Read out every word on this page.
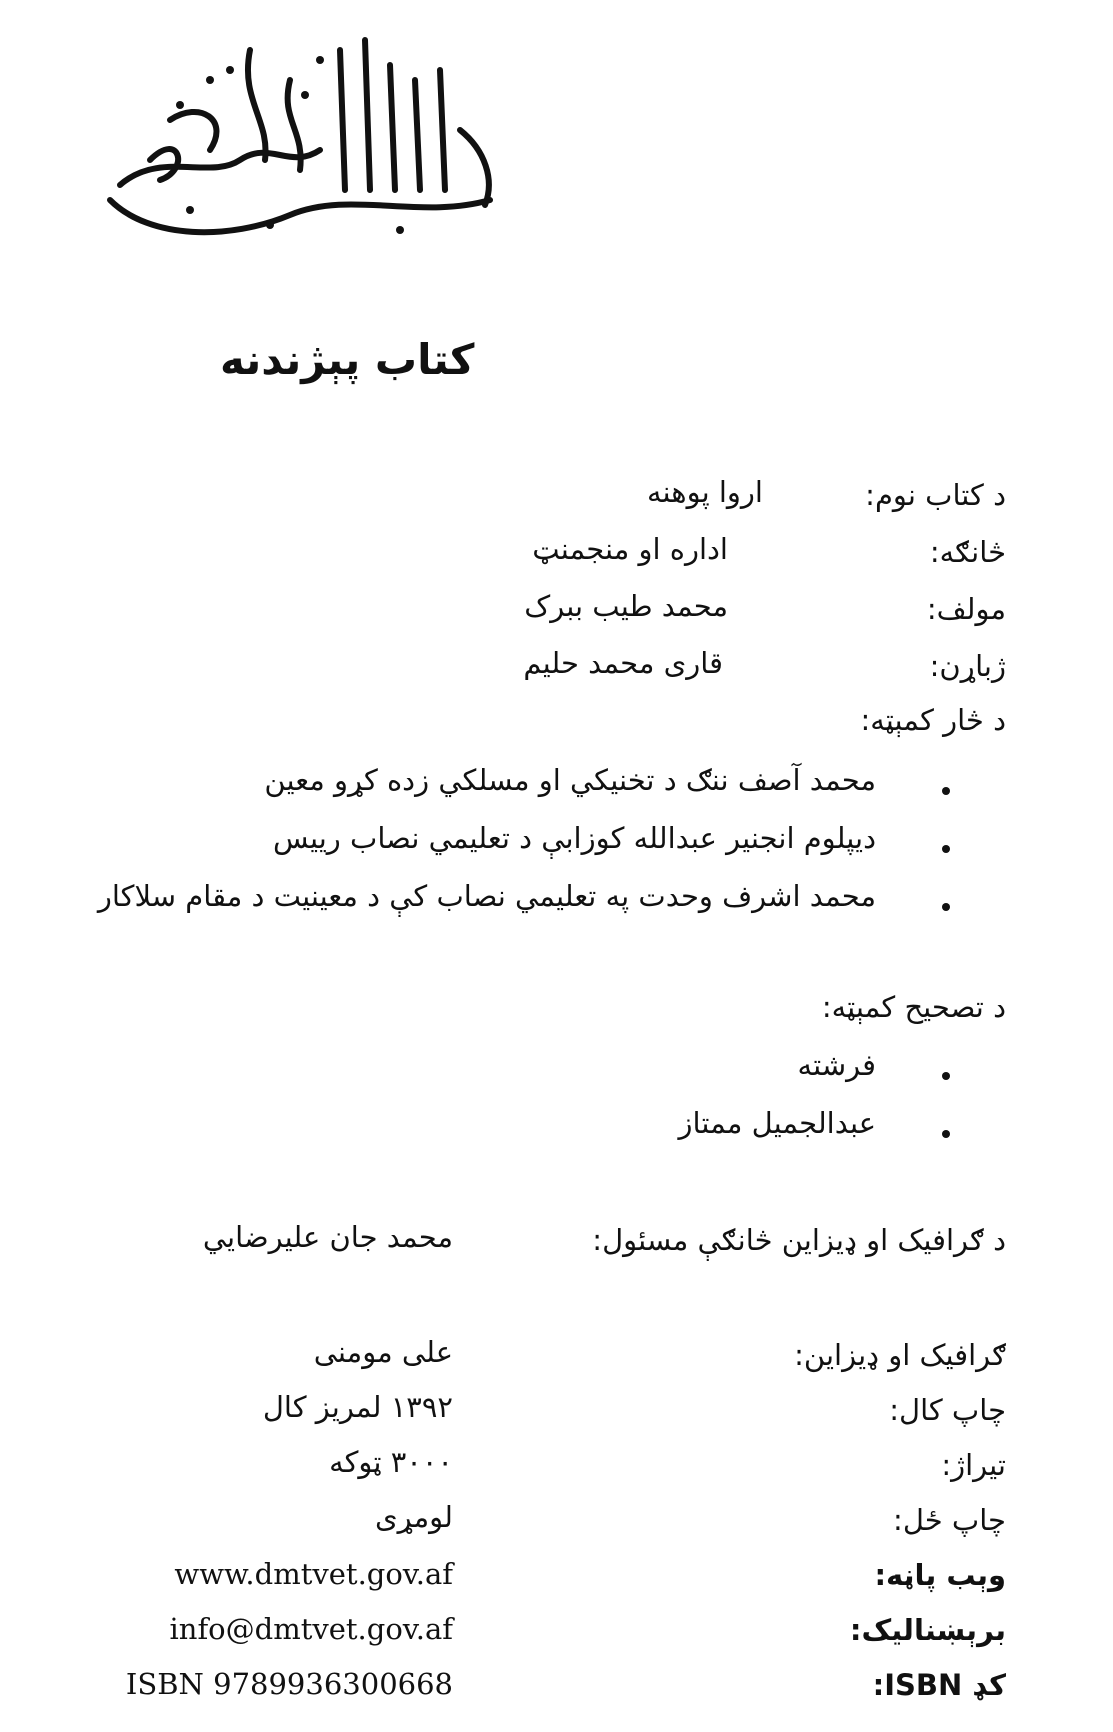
کتاب پېژندنه
د کتاب نوم:
اروا پوهنه
څانګه:
اداره او منجمنټ
مولف:
محمد طيب ببرک
ژباړن:
قاری محمد حليم
د څار کمېټه:
محمد آصف ننګ د تخنيکي او مسلکي زده کړو معين
ديپلوم انجنير عبدالله کوزابې د تعليمي نصاب رييس
محمد اشرف وحدت په تعليمي نصاب کې د معينيت د مقام سلاکار
د تصحيح کمېټه:
فرشته
عبدالجميل ممتاز
د ګرافيک او ډيزاين څانګې مسئول:
محمد جان عليرضايي
ګرافيک او ډيزاين:
علی مومنی
چاپ کال:
۱۳۹۲ لمريز کال
تيراژ:
۳۰۰۰ ټوکه
چاپ ځل:
لومړی
وېب پاڼه:
www.dmtvet.gov.af
برېښناليک:
info@dmtvet.gov.af
کډ ISBN:
ISBN 9789936300668
